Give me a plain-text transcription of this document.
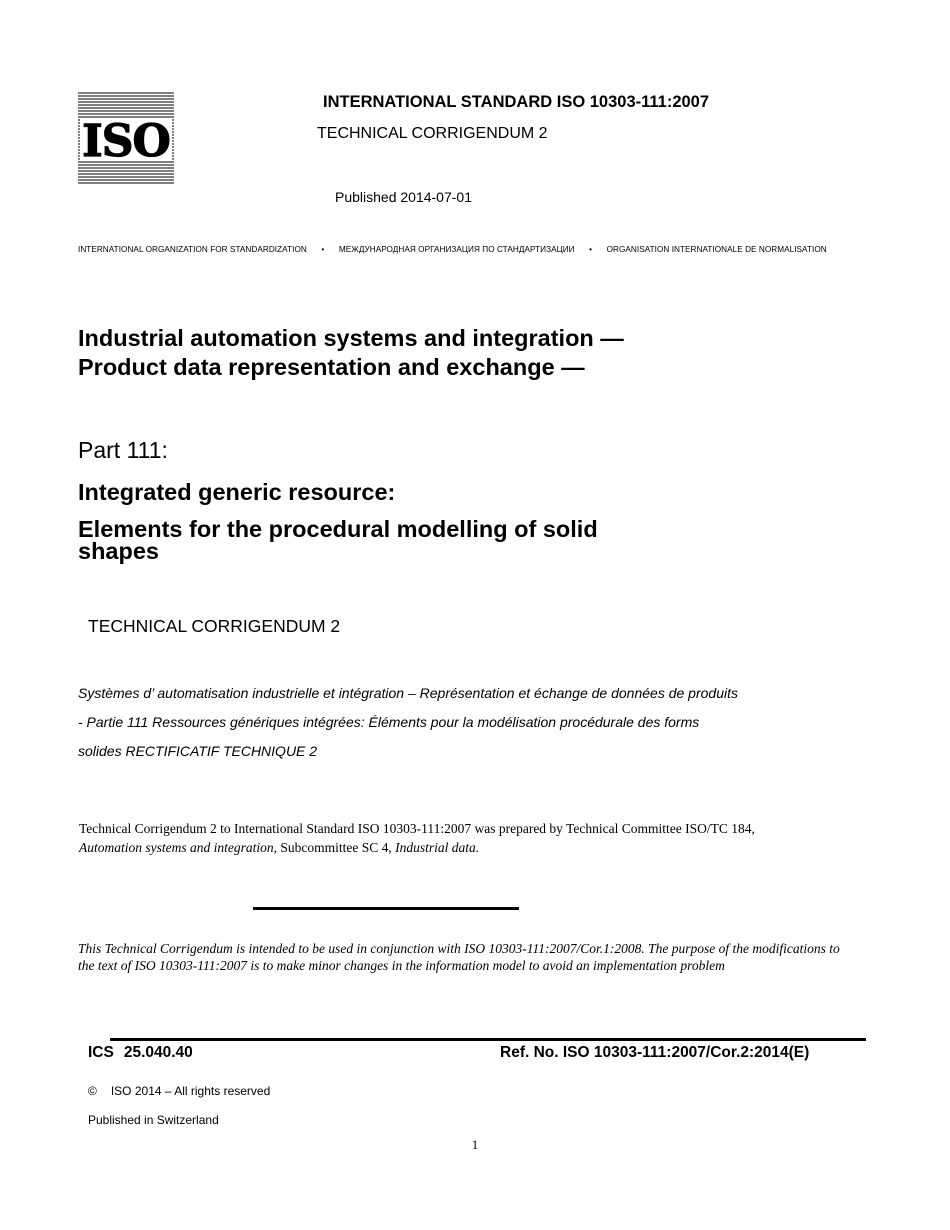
ISO
INTERNATIONAL STANDARD ISO 10303-111:2007
TECHNICAL CORRIGENDUM 2
Published 2014-07-01
INTERNATIONAL ORGANIZATION FOR STANDARDIZATION • МЕЖДУНАРОДНАЯ ОРГАНИЗАЦИЯ ПО СТАНДАРТИЗАЦИИ • ORGANISATION INTERNATIONALE DE NORMALISATION
Industrial automation systems and integration —
Product data representation and exchange —
Part 111:
Integrated generic resource:
Elements for the procedural modelling of solid
shapes
TECHNICAL CORRIGENDUM 2
Systèmes d’ automatisation industrielle et intégration – Représentation et échange de données de produits
- Partie 111 Ressources génériques intégrées: Éléments pour la modélisation procédurale des forms
solides RECTIFICATIF TECHNIQUE 2
Technical Corrigendum 2 to International Standard ISO 10303-111:2007 was prepared by Technical Committee ISO/TC 184, Automation systems and integration, Subcommittee SC 4, Industrial data.
This Technical Corrigendum is intended to be used in conjunction with ISO 10303-111:2007/Cor.1:2008. The purpose of the modifications to the text of ISO 10303-111:2007 is to make minor changes in the information model to avoid an implementation problem
ICS 25.040.40	Ref. No. ISO 10303-111:2007/Cor.2:2014(E)
© ISO 2014 – All rights reserved
Published in Switzerland
1
